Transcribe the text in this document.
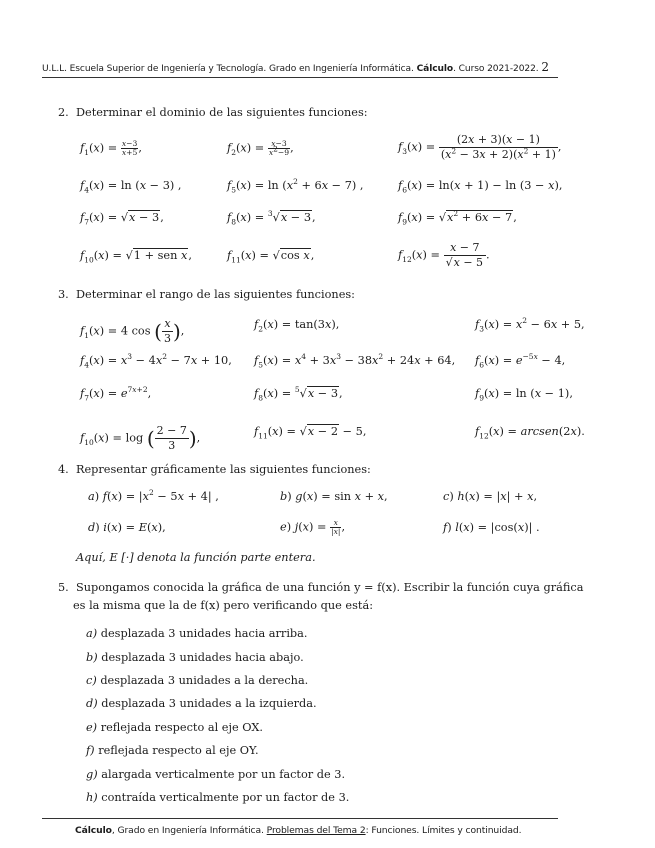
U.L.L. Escuela Superior de Ingeniería y Tecnología. Grado en Ingeniería Informática. Cálculo. Curso 2021-2022. 2
2. Determinar el dominio de las siguientes funciones:
$f_1(x) = \frac{x-3}{x+5}$ ,	$f_2(x) = \frac{x-3}{x^2-9}$ ,	$f_3(x) = \frac{(2x + 3)(x - 1)}{(x^2 - 3x + 2)(x^2 + 1)}$ ,
$f_4(x) = \ln (x - 3)$ ,	$f_5(x) = \ln (x^2 + 6x - 7)$ ,	$f_6(x) = \ln(x + 1) - \ln (3 - x)$,
$f_7(x) = √x - 3$,	$f_8(x) = ^3√x - 3$,	$f_9(x) = √x^2 + 6x - 7$,
$f_{10}(x) = √1$ + sen x,	$f_{11}(x) = √\cos$ x,	$f_{12}(x) = \frac{x - 7}{√x - 5}$ .
3. Determinar el rango de las siguientes funciones:
$f_1(x) = 4$ cos ( $\frac{x}{3}$ ),	$f_2(x) = \tan(3x)$,	$f_3(x) = x^2 - 6x + 5$,
$f_4(x) = x^3 - 4x^2 - 7x + 10$, $f_5(x) = x^4 + 3x^3 - 38x^2 + 24x + 64$, $f_6(x) = e^{-5x} - 4$,
$f_7(x) = e^{7x+2}$,	$f_8(x) = ^5√x - 3$,	$f_9(x) = \ln (x - 1)$,
$f_{10}(x) = \log$ ( $\frac{2 - 7}{3}$ ),	$f_{11}(x) = √x - 2 - 5$,	$f_{12}(x)$ = arcsen(2x).
4. Representar gráficamente las siguientes funciones:
a) $f(x) = |x^2 - 5x + 4|$ ,	b) g(x) = sin x + x,	c) h(x) = |x| + x,
d) i(x) = E(x),	e) $j(x) = \frac{x}{|x|}$ ,	f) l(x) = |cos(x)| .
Aquí, E [·] denota la función parte entera.
5. Supongamos conocida la gráfica de una función y = f(x). Escribir la función cuya gráfica
es la misma que la de f(x) pero verificando que está:
a) desplazada 3 unidades hacia arriba.
b) desplazada 3 unidades hacia abajo.
c) desplazada 3 unidades a la derecha.
d) desplazada 3 unidades a la izquierda.
e) reflejada respecto al eje OX.
f) reflejada respecto al eje OY.
g) alargada verticalmente por un factor de 3.
h) contraída verticalmente por un factor de 3.
Cálculo, Grado en Ingeniería Informática. Problemas del Tema 2: Funciones. Límites y continuidad.
